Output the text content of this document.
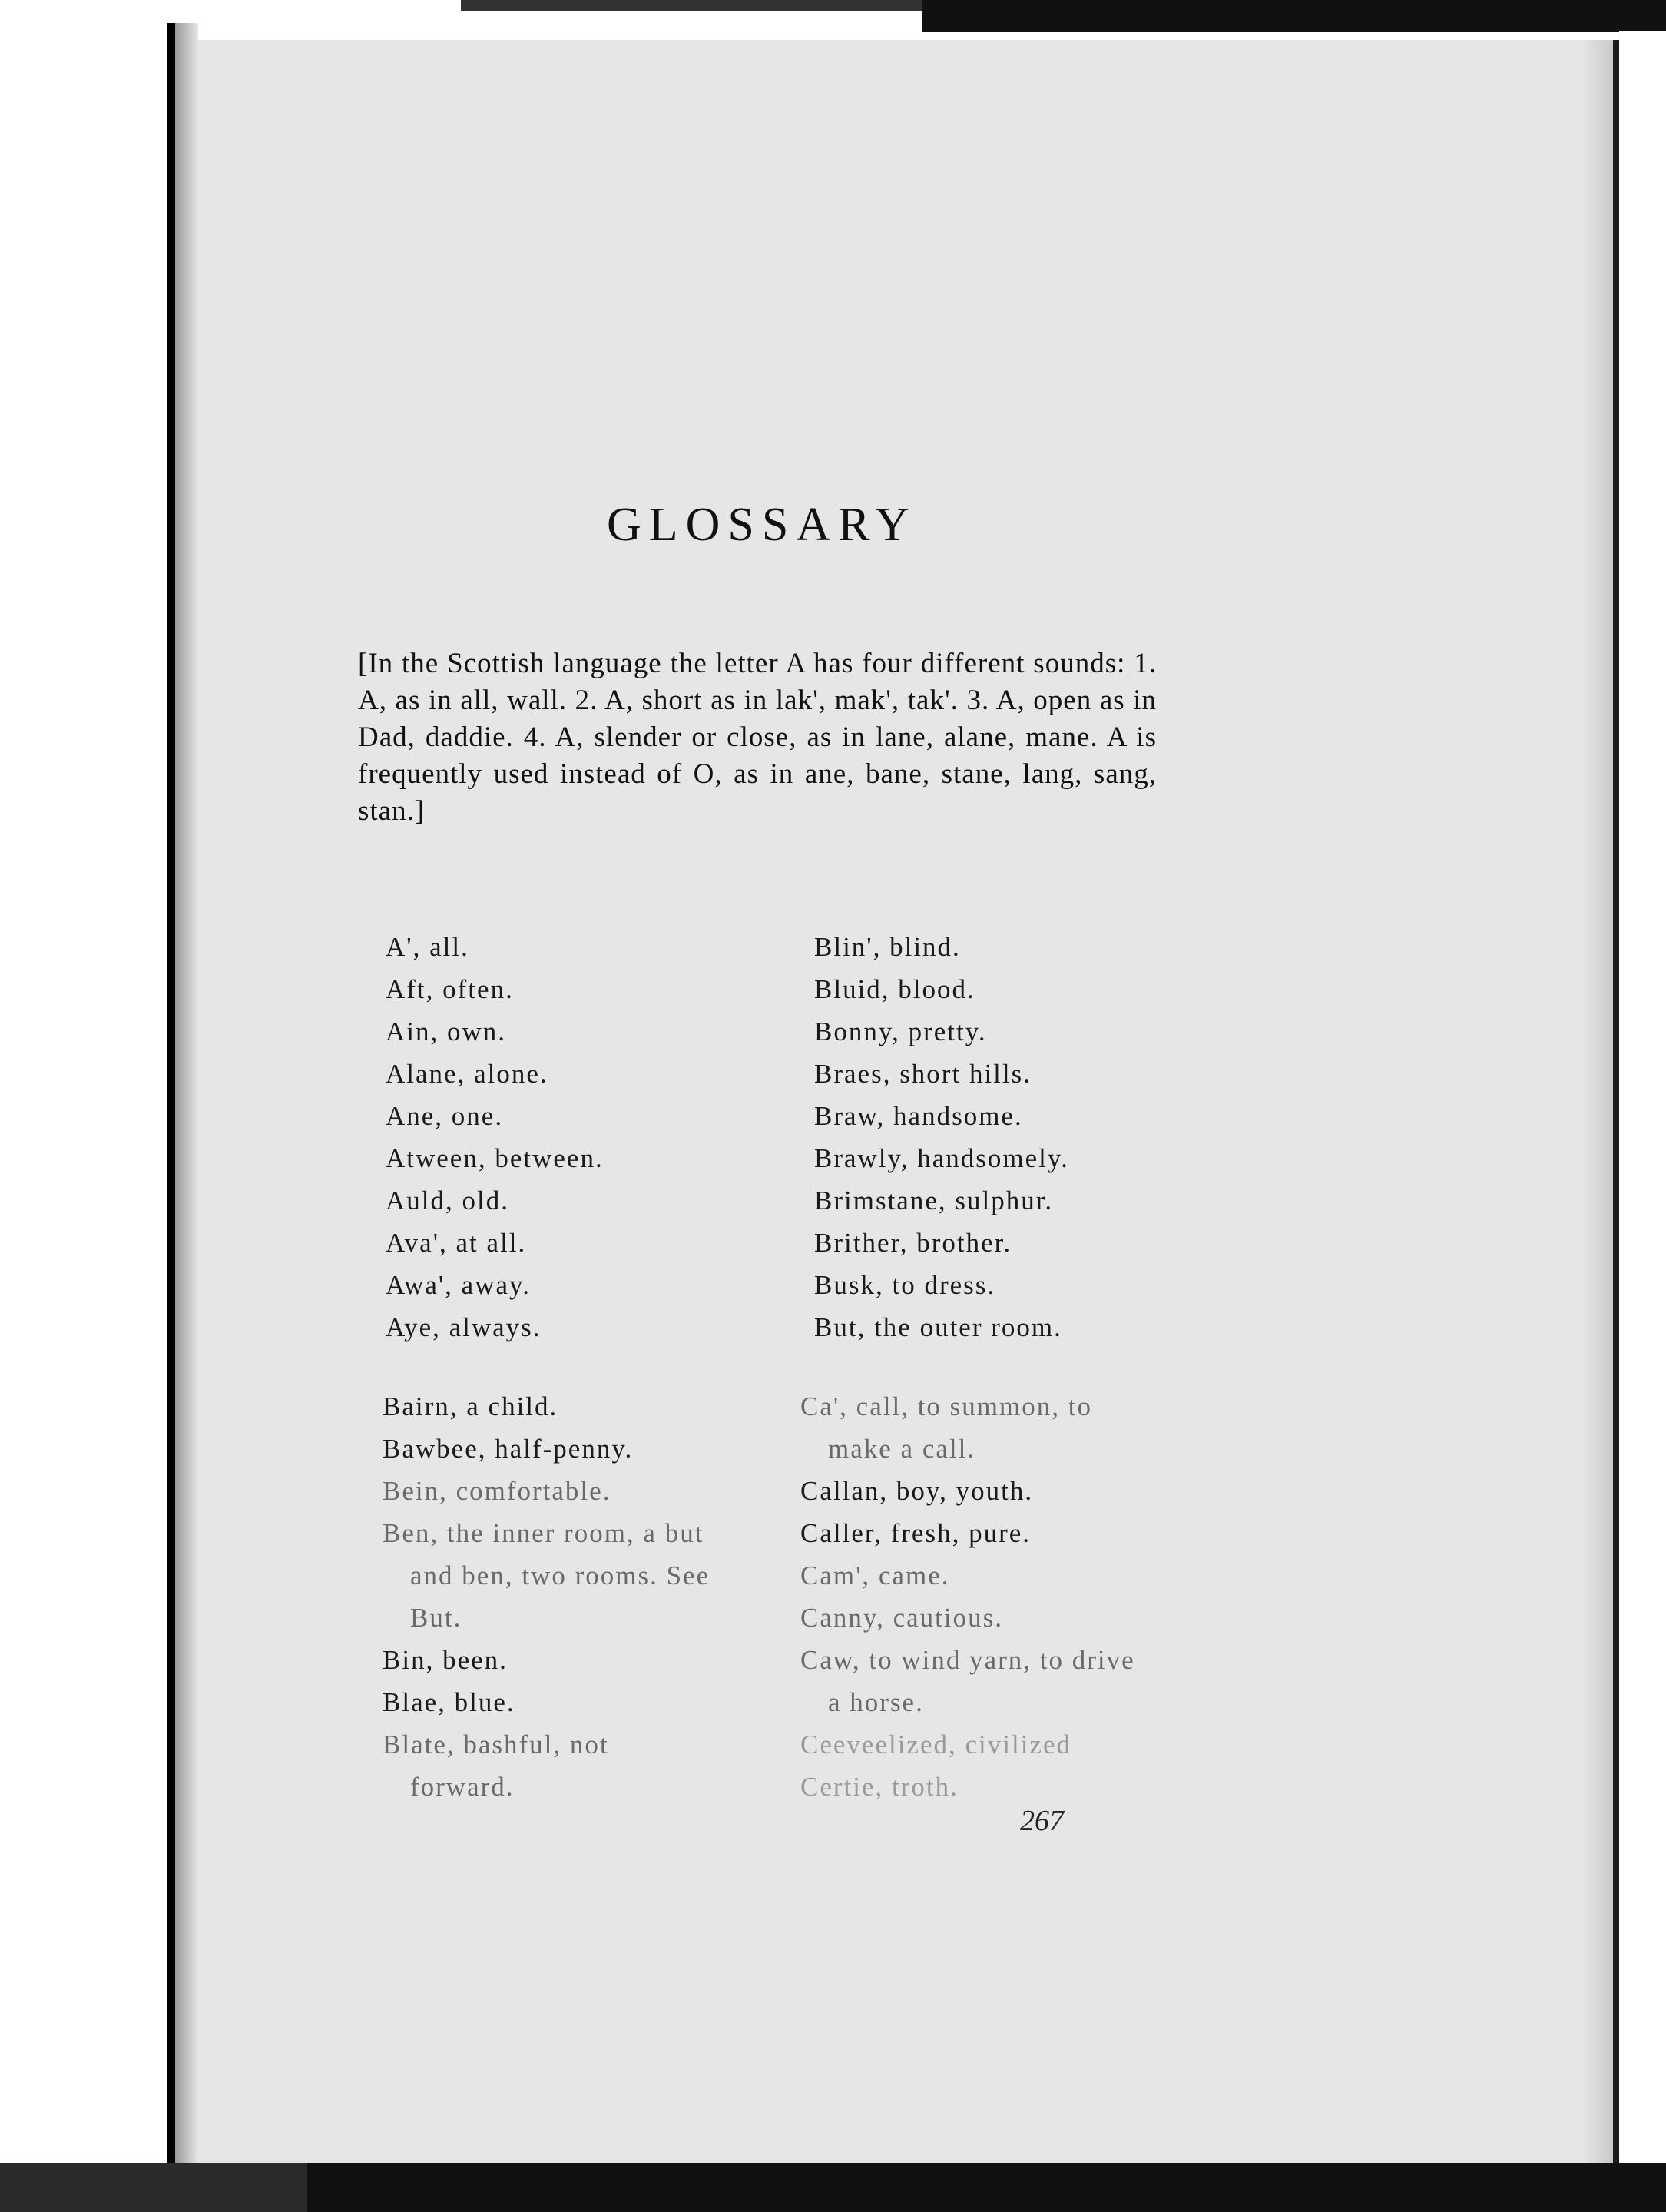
GLOSSARY
[In the Scottish language the letter A has four different sounds: 1. A, as in all, wall. 2. A, short as in lak', mak', tak'. 3. A, open as in Dad, daddie. 4. A, slender or close, as in lane, alane, mane. A is frequently used instead of O, as in ane, bane, stane, lang, sang, stan.]
A', all.
Aft, often.
Ain, own.
Alane, alone.
Ane, one.
Atween, between.
Auld, old.
Ava', at all.
Awa', away.
Aye, always.
Blin', blind.
Bluid, blood.
Bonny, pretty.
Braes, short hills.
Braw, handsome.
Brawly, handsomely.
Brimstane, sulphur.
Brither, brother.
Busk, to dress.
But, the outer room.
Bairn, a child.
Bawbee, half-penny.
Bein, comfortable.
Ben, the inner room, a but and ben, two rooms. See But.
Bin, been.
Blae, blue.
Blate, bashful, not forward.
Ca', call, to summon, to make a call.
Callan, boy, youth.
Caller, fresh, pure.
Cam', came.
Canny, cautious.
Caw, to wind yarn, to drive a horse.
Ceeveelized, civilized
Certie, troth.
267
